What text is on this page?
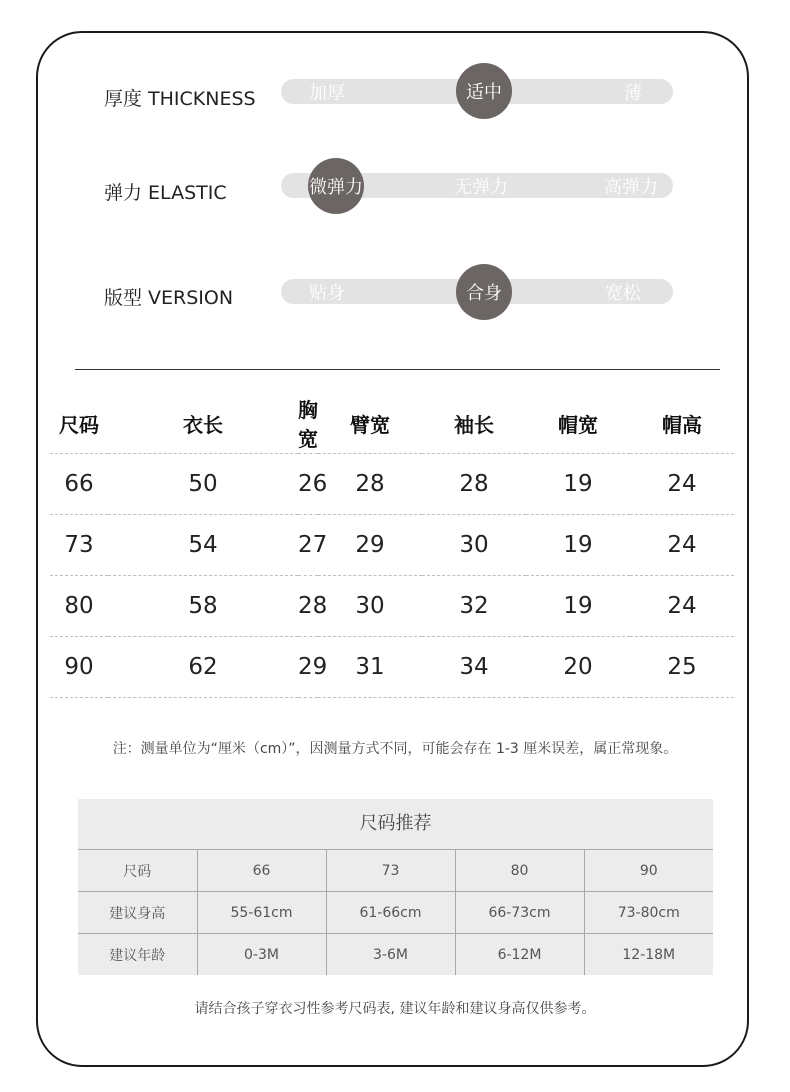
厚度 THICKNESS	加厚	薄
适中
弹力 ELASTIC	无弹力	高弹力
微弹力
版型 VERSION	贴身	宽松
合身
尺码	衣长	胸宽	臂宽	袖长	帽宽	帽高
66	50	26	28	28	19	24
73	54	27	29	30	19	24
80	58	28	30	32	19	24
90	62	29	31	34	20	25
注：测量单位为“厘米（cm）”，因测量方式不同，可能会存在 1-3 厘米误差，属正常现象。
尺码推荐
尺码	66	73	80	90
建议身高	55-61cm	61-66cm	66-73cm	73-80cm
建议年龄	0-3M	3-6M	6-12M	12-18M
请结合孩子穿衣习性参考尺码表, 建议年龄和建议身高仅供参考。
